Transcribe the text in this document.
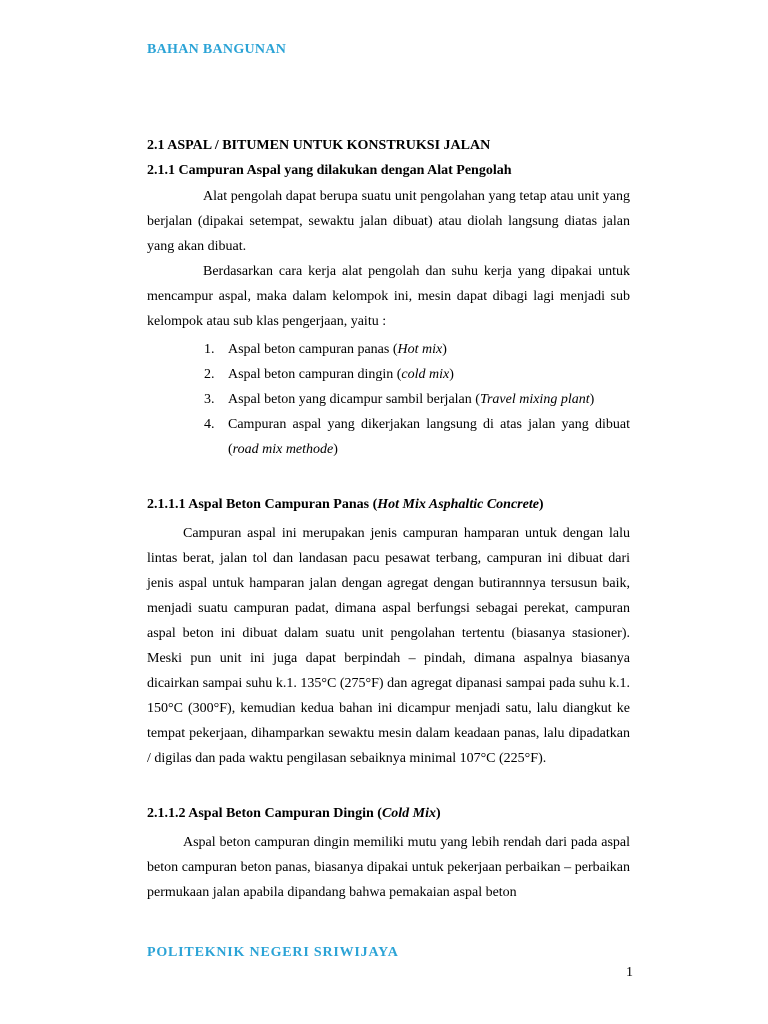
BAHAN BANGUNAN
2.1 ASPAL / BITUMEN UNTUK KONSTRUKSI JALAN
2.1.1 Campuran Aspal yang dilakukan dengan Alat Pengolah

Alat pengolah dapat berupa suatu unit pengolahan yang tetap atau unit yang berjalan (dipakai setempat, sewaktu jalan dibuat) atau diolah langsung diatas jalan yang akan dibuat.

Berdasarkan cara kerja alat pengolah dan suhu kerja yang dipakai untuk mencampur aspal, maka dalam kelompok ini, mesin dapat dibagi lagi menjadi sub kelompok atau sub klas pengerjaan, yaitu :

1. Aspal beton campuran panas (Hot mix)
2. Aspal beton campuran dingin (cold mix)
3. Aspal beton yang dicampur sambil berjalan (Travel mixing plant)
4. Campuran aspal yang dikerjakan langsung di atas jalan yang dibuat (road mix methode)
2.1.1.1 Aspal Beton Campuran Panas (Hot Mix Asphaltic Concrete)

Campuran aspal ini merupakan jenis campuran hamparan untuk dengan lalu lintas berat, jalan tol dan landasan pacu pesawat terbang, campuran ini dibuat dari jenis aspal untuk hamparan jalan dengan agregat dengan butirannnya tersusun baik, menjadi suatu campuran padat, dimana aspal berfungsi sebagai perekat, campuran aspal beton ini dibuat dalam suatu unit pengolahan tertentu (biasanya stasioner). Meski pun unit ini juga dapat berpindah – pindah, dimana aspalnya biasanya dicairkan sampai suhu k.1. 135°C (275°F) dan agregat dipanasi sampai pada suhu k.1. 150°C (300°F), kemudian kedua bahan ini dicampur menjadi satu, lalu diangkut ke tempat pekerjaan, dihamparkan sewaktu mesin dalam keadaan panas, lalu dipadatkan / digilas dan pada waktu pengilasan sebaiknya minimal 107°C (225°F).

2.1.1.2 Aspal Beton Campuran Dingin (Cold Mix)

Aspal beton campuran dingin memiliki mutu yang lebih rendah dari pada aspal beton campuran beton panas, biasanya dipakai untuk pekerjaan perbaikan – perbaikan permukaan jalan apabila dipandang bahwa pemakaian aspal beton

POLITEKNIK NEGERI SRIWIJAYA
1
